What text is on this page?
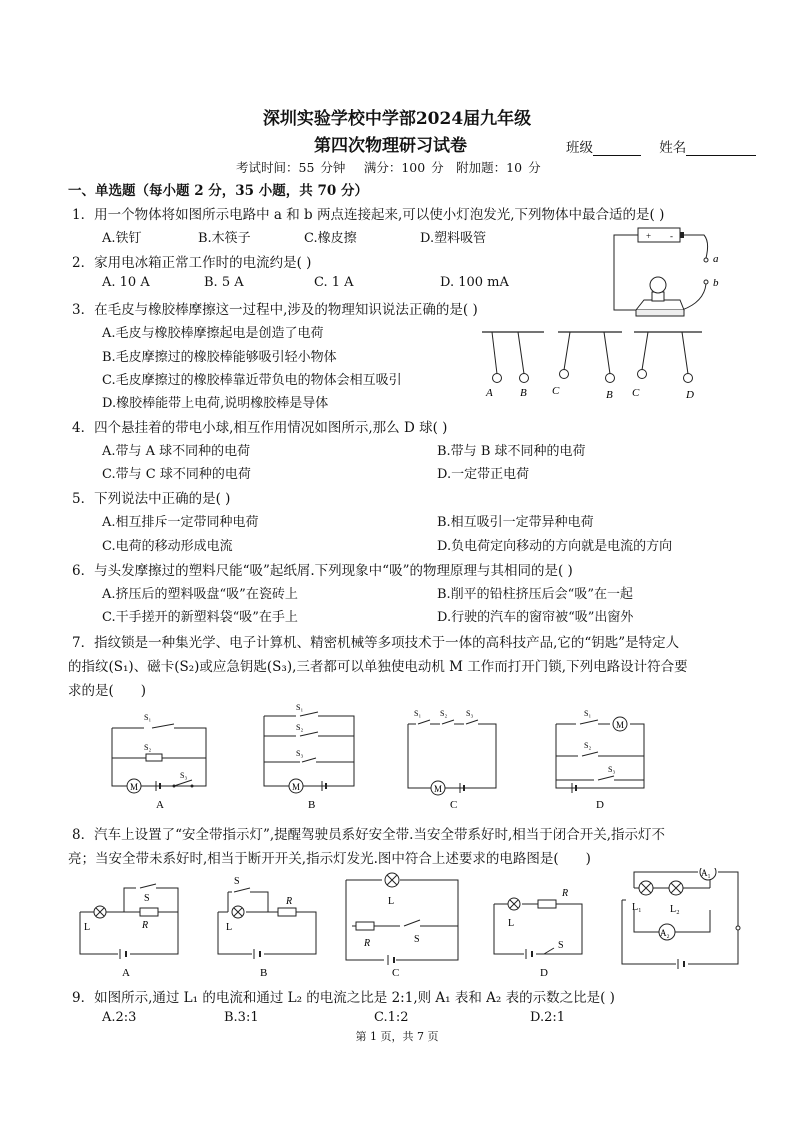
深圳实验学校中学部2024届九年级
第四次物理研习试卷	班级	姓名
考试时间：55 分钟　 满分：100 分　附加题：10 分
一、单选题（每小题 2 分，35 小题，共 70 分）
1．用一个物体将如图所示电路中 a 和 b 两点连接起来,可以使小灯泡发光,下列物体中最合适的是( )
A.铁钉	B.木筷子	C.橡皮擦	D.塑料吸管	+ -
a
b
2．家用电冰箱正常工作时的电流约是( )
A. 10 A	B. 5 A	C. 1 A	D. 100 mA
3．在毛皮与橡胶棒摩擦这一过程中,涉及的物理知识说法正确的是( )
A.毛皮与橡胶棒摩擦起电是创造了电荷
B.毛皮摩擦过的橡胶棒能够吸引轻小物体
C.毛皮摩擦过的橡胶棒靠近带负电的物体会相互吸引
D.橡胶棒能带上电荷,说明橡胶棒是导体
A B C	B C	D
4．四个悬挂着的带电小球,相互作用情况如图所示,那么 D 球( )
A.带与 A 球不同种的电荷	B.带与 B 球不同种的电荷
C.带与 C 球不同种的电荷	D.一定带正电荷
5．下列说法中正确的是( )
A.相互排斥一定带同种电荷	B.相互吸引一定带异种电荷
C.电荷的移动形成电流	D.负电荷定向移动的方向就是电流的方向
6．与头发摩擦过的塑料尺能“吸”起纸屑.下列现象中“吸”的物理原理与其相同的是( )
A.挤压后的塑料吸盘“吸”在瓷砖上	B.削平的铅柱挤压后会“吸”在一起
C.干手搓开的新塑料袋“吸”在手上	D.行驶的汽车的窗帘被“吸”出窗外
7．指纹锁是一种集光学、电子计算机、精密机械等多项技术于一体的高科技产品,它的“钥匙”是特定人
的指纹(S₁)、磁卡(S₂)或应急钥匙(S₃),三者都可以单独使电动机 M 工作而打开门锁,下列电路设计符合要
求的是(　　)
M
S₁
S₂
S₃
A
M
S₁
S₂
S₃
B
M
S₁ S₂ S₃
C
M
S₁
S₂
S₃
D
8．汽车上设置了“安全带指示灯”,提醒驾驶员系好安全带.当安全带系好时,相当于闭合开关,指示灯不
亮；当安全带未系好时,相当于断开开关,指示灯发光.图中符合上述要求的电路图是(　　)
S
R
L
A
S
R
L
B
L
R	S
C
L
R
S
D
A₁
A₂
L₁	L₂
9．如图所示,通过 L₁ 的电流和通过 L₂ 的电流之比是 2:1,则 A₁ 表和 A₂ 表的示数之比是( )
A.2:3	B.3:1	C.1:2	D.2:1
第 1 页，共 7 页
